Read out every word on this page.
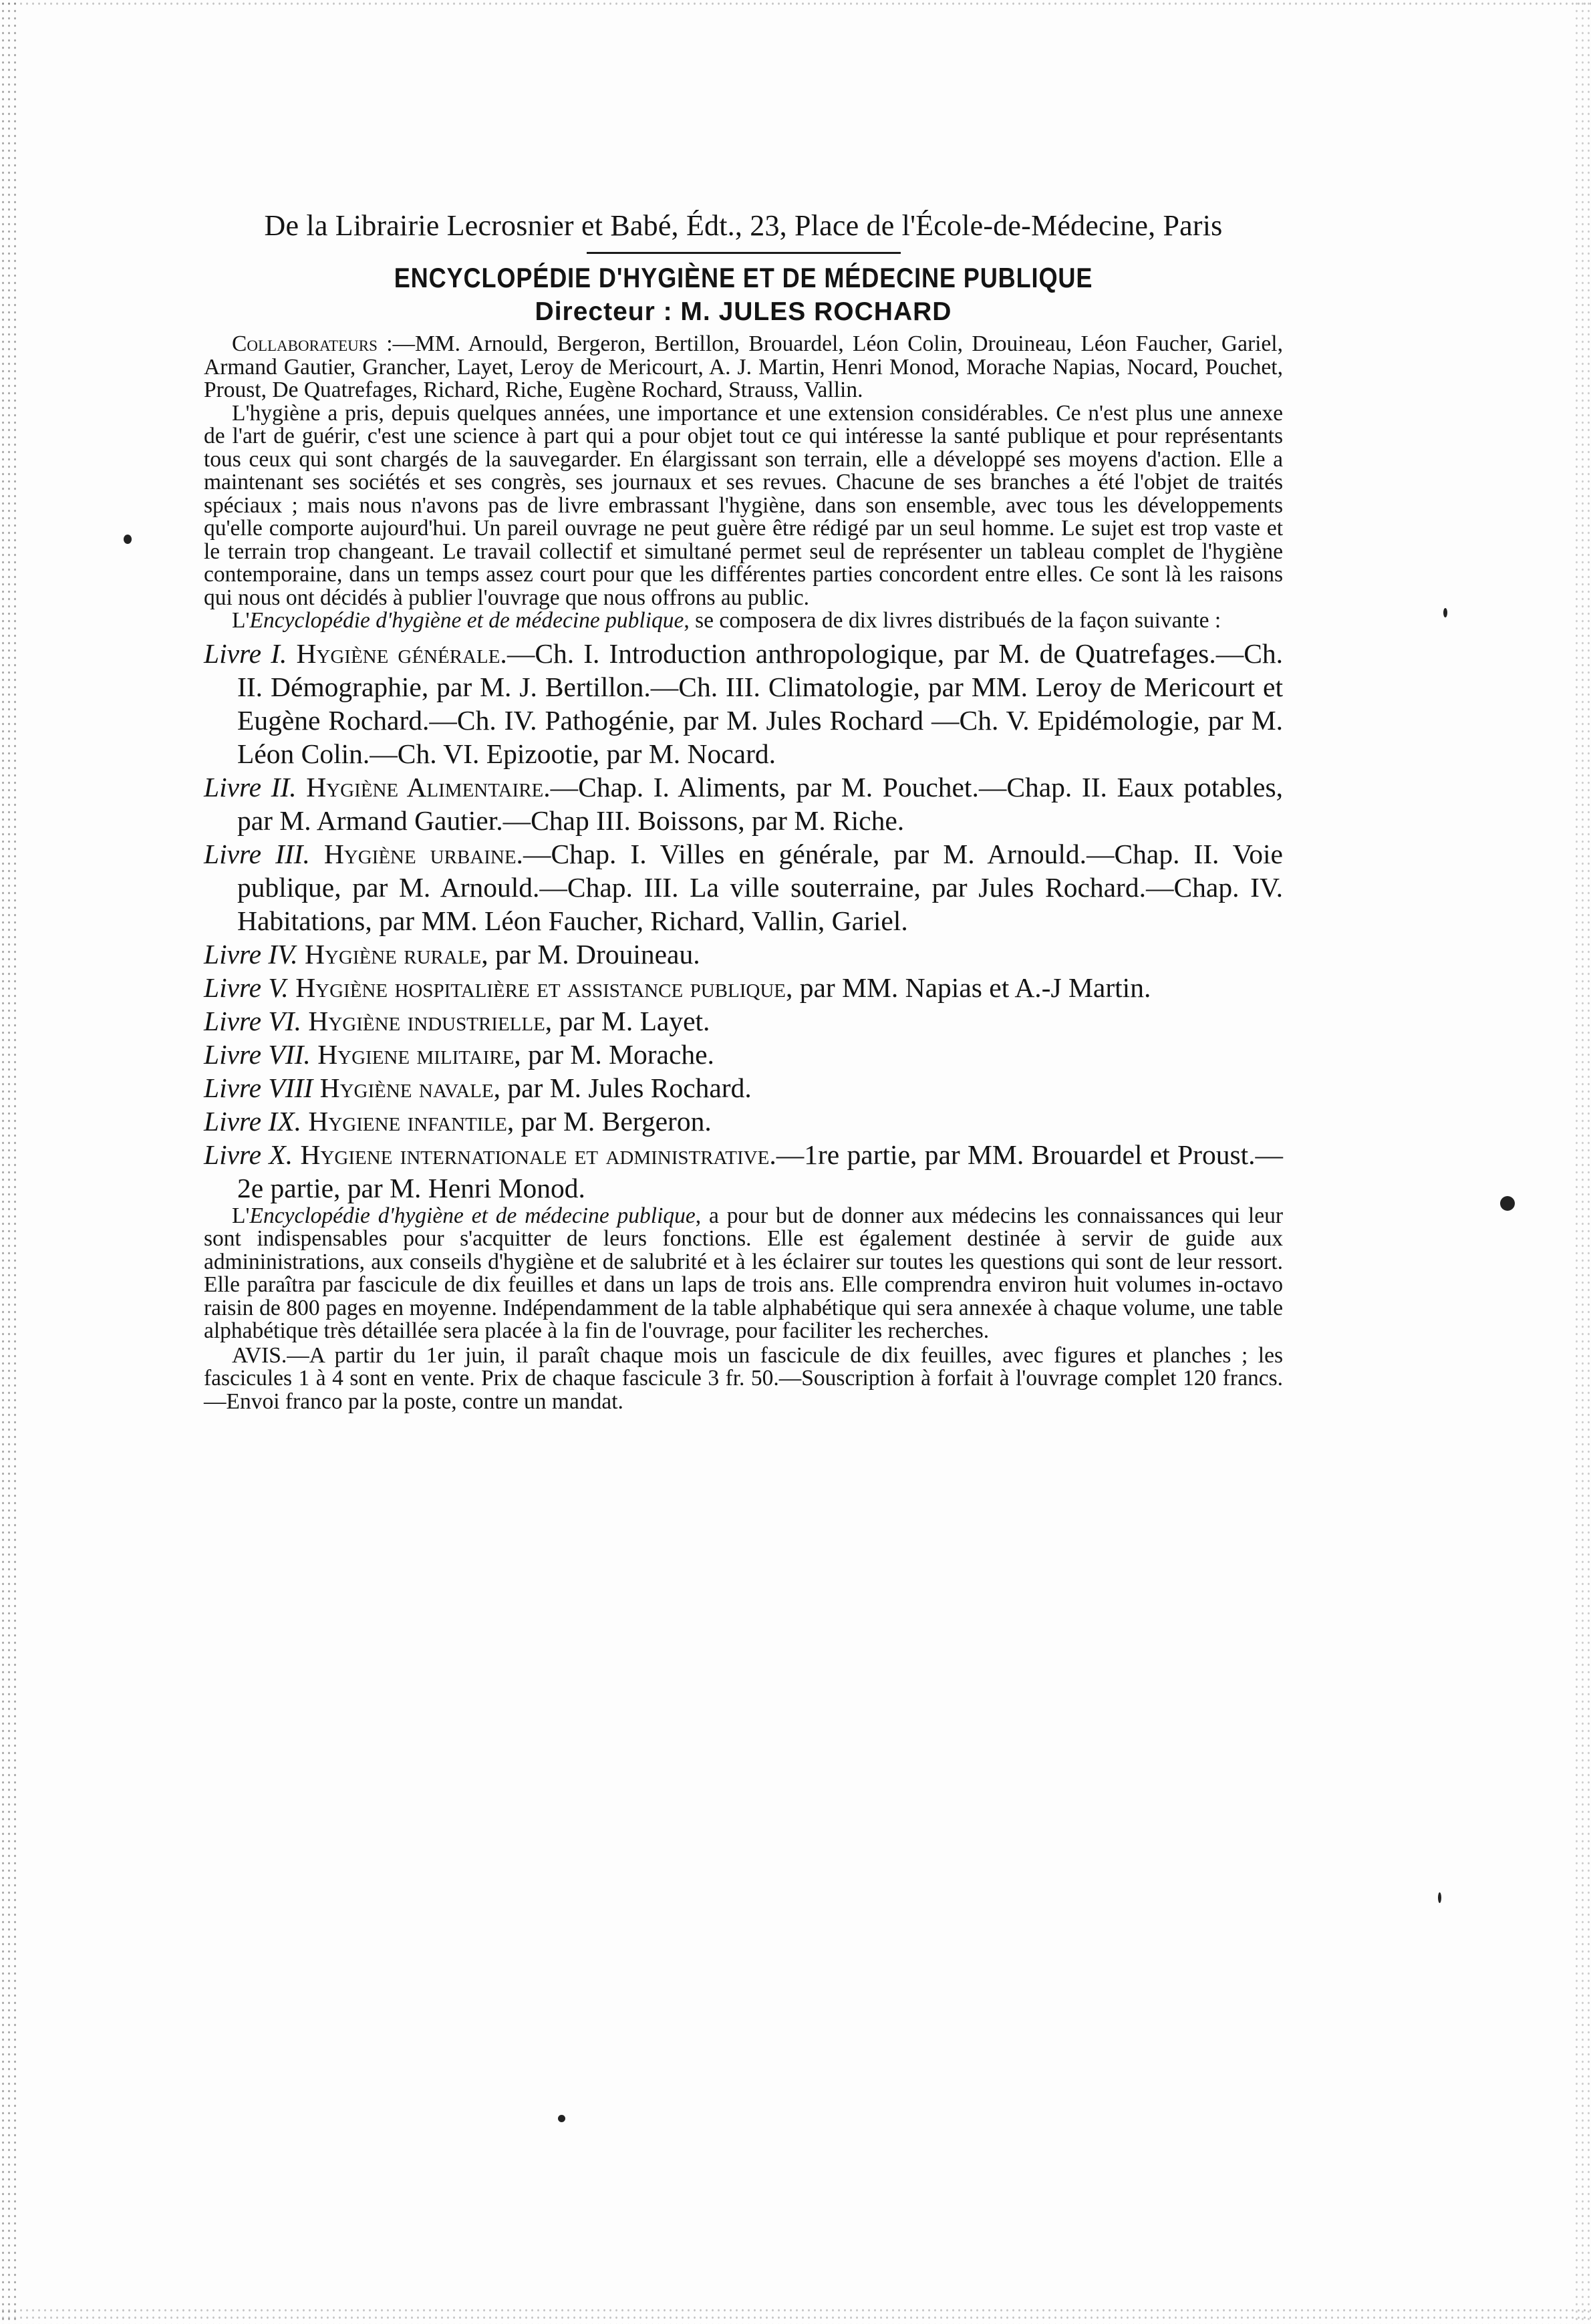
De la Librairie Lecrosnier et Babé, Édt., 23, Place de l'École-de-Médecine, Paris
ENCYCLOPÉDIE D'HYGIÈNE ET DE MÉDECINE PUBLIQUE
Directeur : M. JULES ROCHARD

Collaborateurs :—MM. Arnould, Bergeron, Bertillon, Brouardel, Léon Colin, Drouineau, Léon Faucher, Gariel, Armand Gautier, Grancher, Layet, Leroy de Mericourt, A. J. Martin, Henri Monod, Morache Napias, Nocard, Pouchet, Proust, De Quatrefages, Richard, Riche, Eugène Rochard, Strauss, Vallin.

L'hygiène a pris, depuis quelques années, une importance et une extension considérables. Ce n'est plus une annexe de l'art de guérir, c'est une science à part qui a pour objet tout ce qui intéresse la santé publique et pour représentants tous ceux qui sont chargés de la sauvegarder. En élargissant son terrain, elle a développé ses moyens d'action. Elle a maintenant ses sociétés et ses congrès, ses journaux et ses revues. Chacune de ses branches a été l'objet de traités spéciaux ; mais nous n'avons pas de livre embrassant l'hygiène, dans son ensemble, avec tous les développements qu'elle comporte aujourd'hui. Un pareil ouvrage ne peut guère être rédigé par un seul homme. Le sujet est trop vaste et le terrain trop changeant. Le travail collectif et simultané permet seul de représenter un tableau complet de l'hygiène contemporaine, dans un temps assez court pour que les différentes parties concordent entre elles. Ce sont là les raisons qui nous ont décidés à publier l'ouvrage que nous offrons au public.

L'Encyclopédie d'hygiène et de médecine publique, se composera de dix livres distribués de la façon suivante :

Livre I. Hygiène générale.—Ch. I. Introduction anthropologique, par M. de Quatrefages.—Ch. II. Démographie, par M. J. Bertillon.—Ch. III. Climatologie, par MM. Leroy de Mericourt et Eugène Rochard.—Ch. IV. Pathogénie, par M. Jules Rochard —Ch. V. Epidémologie, par M. Léon Colin.—Ch. VI. Epizootie, par M. Nocard.

Livre II. Hygiène Alimentaire.—Chap. I. Aliments, par M. Pouchet.—Chap. II. Eaux potables, par M. Armand Gautier.—Chap III. Boissons, par M. Riche.

Livre III. Hygiène urbaine.—Chap. I. Villes en générale, par M. Arnould.—Chap. II. Voie publique, par M. Arnould.—Chap. III. La ville souterraine, par Jules Rochard.—Chap. IV. Habitations, par MM. Léon Faucher, Richard, Vallin, Gariel.

Livre IV. Hygiène rurale, par M. Drouineau.

Livre V. Hygiène hospitalière et assistance publique, par MM. Napias et A.-J Martin.

Livre VI. Hygiène industrielle, par M. Layet.

Livre VII. Hygiene militaire, par M. Morache.

Livre VIII Hygiène navale, par M. Jules Rochard.

Livre IX. Hygiene infantile, par M. Bergeron.

Livre X. Hygiene internationale et administrative.—1re partie, par MM. Brouardel et Proust.—2e partie, par M. Henri Monod.

L'Encyclopédie d'hygiène et de médecine publique, a pour but de donner aux médecins les connaissances qui leur sont indispensables pour s'acquitter de leurs fonctions. Elle est également destinée à servir de guide aux admininistrations, aux conseils d'hygiène et de salubrité et à les éclairer sur toutes les questions qui sont de leur ressort. Elle paraîtra par fascicule de dix feuilles et dans un laps de trois ans. Elle comprendra environ huit volumes in-octavo raisin de 800 pages en moyenne. Indépendamment de la table alphabétique qui sera annexée à chaque volume, une table alphabétique très détaillée sera placée à la fin de l'ouvrage, pour faciliter les recherches.

AVIS.—A partir du 1er juin, il paraît chaque mois un fascicule de dix feuilles, avec figures et planches ; les fascicules 1 à 4 sont en vente. Prix de chaque fascicule 3 fr. 50.—Souscription à forfait à l'ouvrage complet 120 francs. —Envoi franco par la poste, contre un mandat.
